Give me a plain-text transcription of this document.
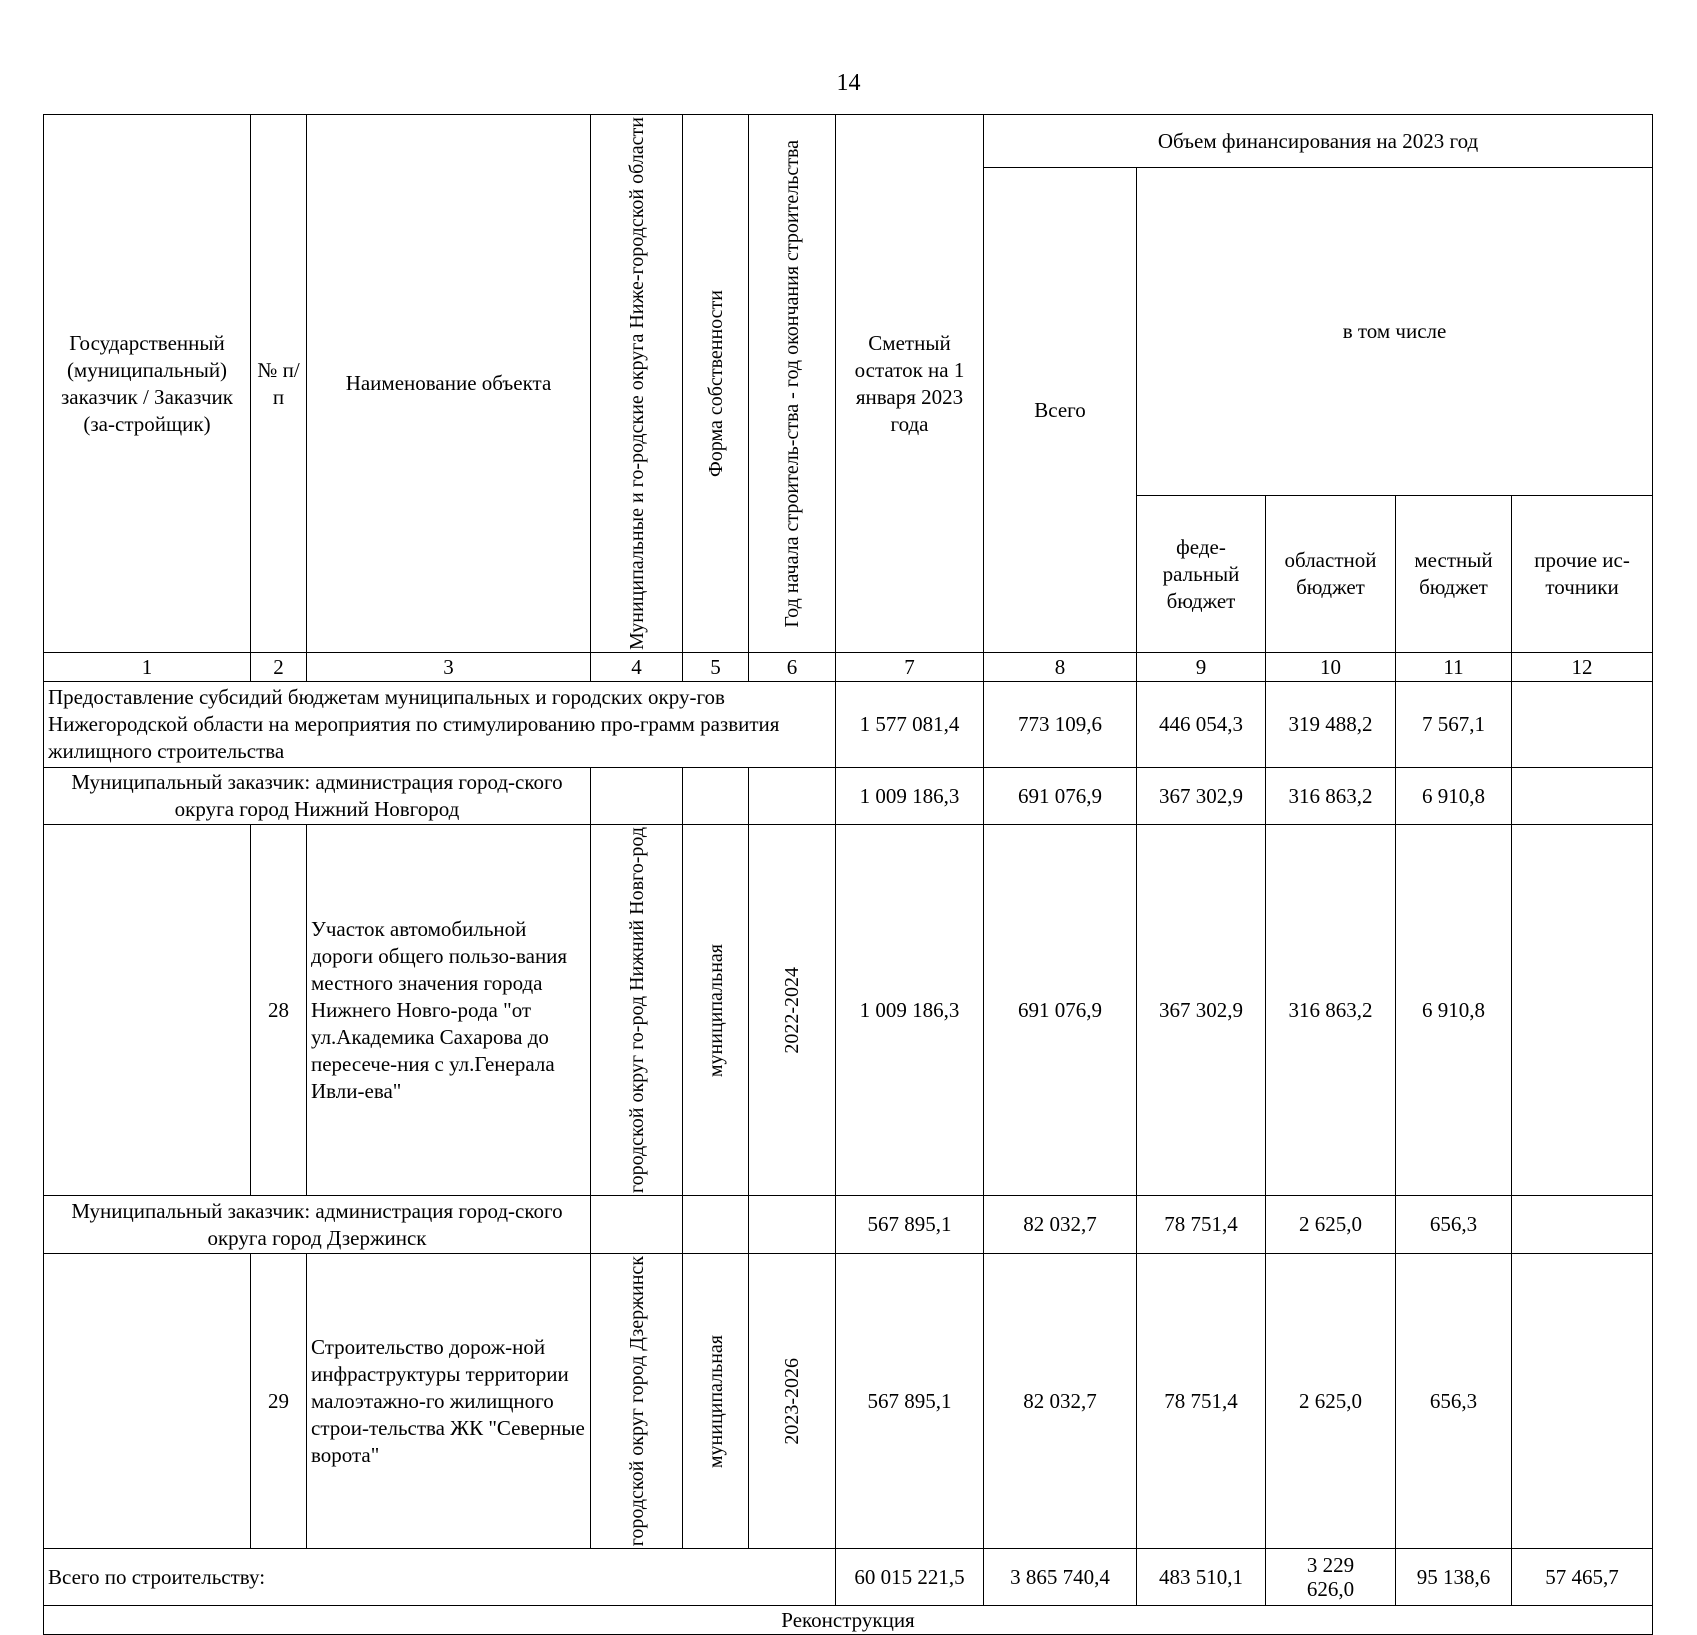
14
Государственный (муниципальный) заказчик / Заказчик (за-стройщик)	№ п/п	Наименование объекта	Муниципальные и го-родские округа Ниже-городской области	Форма собственности	Год начала строитель-ства - год окончания строительства	Сметный остаток на 1 января 2023 года	Объем финансирования на 2023 год				
							Всего	в том числе			
								феде-ральный бюджет	областной бюджет	местный бюджет	прочие ис-точники
1	2	3	4	5	6	7	8	9	10	11	12
Предоставление субсидий бюджетам муниципальных и городских окру-гов Нижегородской области на мероприятия по стимулированию про-грамм развития жилищного строительства						1 577 081,4	773 109,6	446 054,3	319 488,2	7 567,1	
Муниципальный заказчик: администрация город-ского округа город Нижний Новгород						1 009 186,3	691 076,9	367 302,9	316 863,2	6 910,8	
	28	Участок автомобильной дороги общего пользо-вания местного значения города Нижнего Новго-рода "от ул.Академика Сахарова до пересече-ния с ул.Генерала Ивли-ева"	городской округ го-род Нижний Новго-род	муниципальная	2022-2024	1 009 186,3	691 076,9	367 302,9	316 863,2	6 910,8	
Муниципальный заказчик: администрация город-ского округа город Дзержинск						567 895,1	82 032,7	78 751,4	2 625,0	656,3	
	29	Строительство дорож-ной инфраструктуры территории малоэтажно-го жилищного строи-тельства ЖК "Северные ворота"	городской округ город Дзержинск	муниципальная	2023-2026	567 895,1	82 032,7	78 751,4	2 625,0	656,3	
Всего по строительству:						60 015 221,5	3 865 740,4	483 510,1	3 229 626,0	95 138,6	57 465,7
Реконструкция											
